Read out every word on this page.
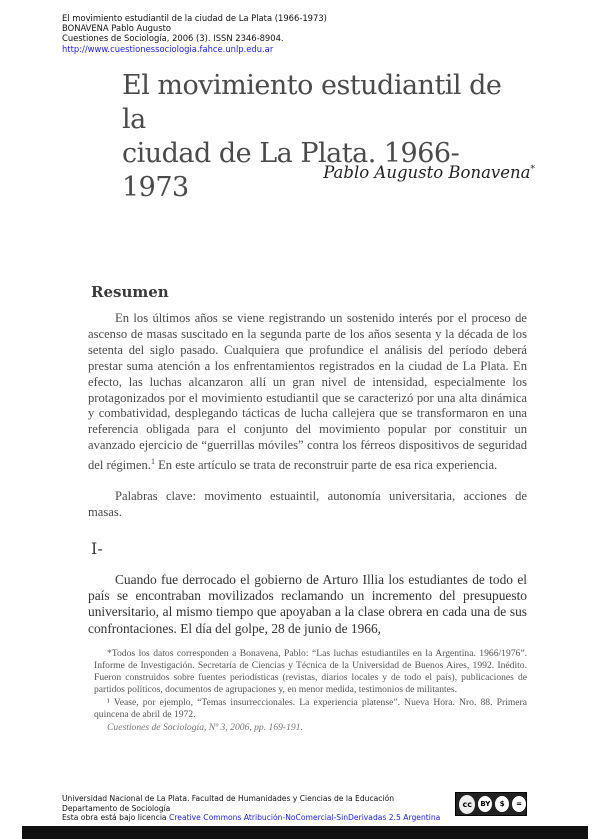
El movimiento estudiantil de la ciudad de La Plata (1966-1973)
BONAVENA Pablo Augusto
Cuestiones de Sociología, 2006 (3). ISSN 2346-8904.
http://www.cuestionessociologia.fahce.unlp.edu.ar
El movimiento estudiantil de la
ciudad de La Plata. 1966-1973	Pablo Augusto Bonavena*
Resumen

En los últimos años se viene registrando un sostenido interés por el proceso de ascenso de masas suscitado en la segunda parte de los años sesenta y la década de los setenta del siglo pasado. Cualquiera que profundice el análisis del período deberá prestar suma atención a los enfrentamientos registrados en la ciudad de La Plata. En efecto, las luchas alcanzaron allí un gran nivel de intensidad, especialmente los protagonizados por el movimiento estudiantil que se caracterizó por una alta dinámica y combatividad, desplegando tácticas de lucha callejera que se transformaron en una referencia obligada para el conjunto del movimiento popular por constituir un avanzado ejercicio de “guerrillas móviles” contra los férreos dispositivos de seguridad del régimen.$^1$ En este artículo se trata de reconstruir parte de esa rica experiencia.

Palabras clave: movimento estuaintil, autonomía universitaria, acciones de masas.

I-

Cuando fue derrocado el gobierno de Arturo Illia los estudiantes de todo el país se encontraban movilizados reclamando un incremento del presupuesto universitario, al mismo tiempo que apoyaban a la clase obrera en cada una de sus confrontaciones. El día del golpe, 28 de junio de 1966,

*Todos los datos corresponden a Bonavena, Pablo: “Las luchas estudiantiles en la Argentina. 1966/1976”. Informe de Investigación. Secretaría de Ciencias y Técnica de la Universidad de Buenos Aires, 1992. Inédito. Fueron construidos sobre fuentes periodísticas (revistas, diarios locales y de todo el país), publicaciones de partidos políticos, documentos de agrupaciones y, en menor medida, testimonios de militantes.

¹ Vease, por ejemplo, “Temas insurreccionales. La experiencia platense”. Nueva Hora. Nro. 88. Primera quincena de abril de 1972.

Cuestiones de Sociología, Nº 3, 2006, pp. 169-191.

Universidad Nacional de La Plata. Facultad de Humanidades y Ciencias de la Educación
Departamento de Sociología
Esta obra está bajo licencia Creative Commons Atribución-NoComercial-SinDerivadas 2.5 Argentina
cc	BY	$	=
